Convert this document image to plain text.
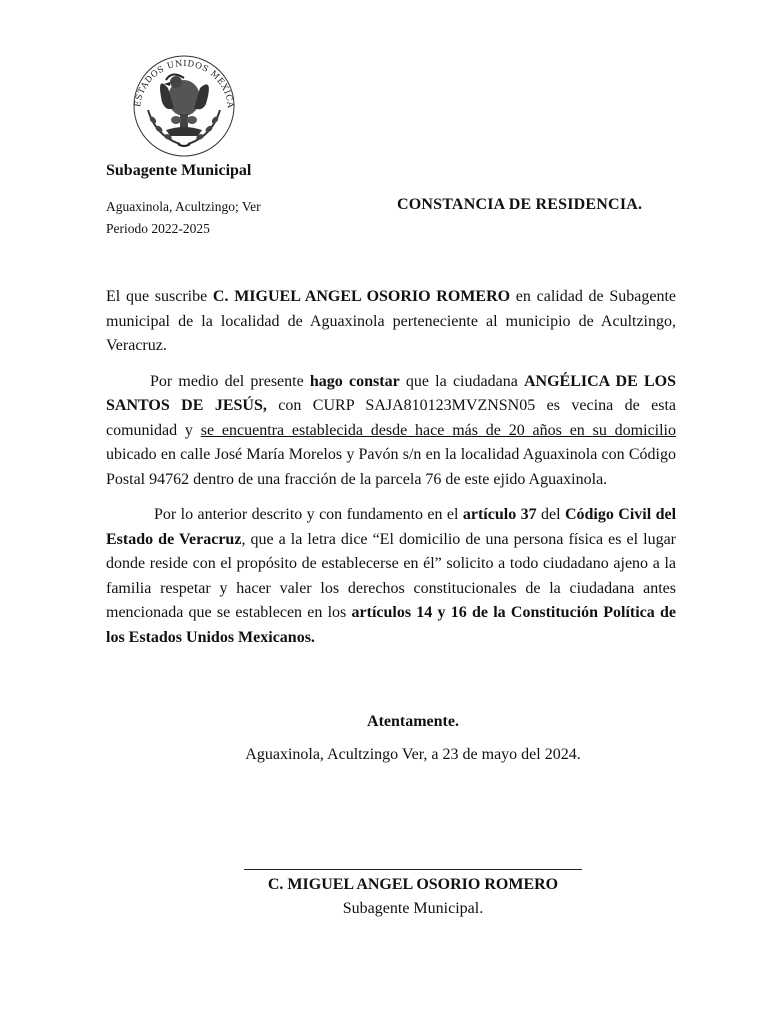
ESTADOS UNIDOS MEXICA
Subagente Municipal
Aguaxinola, Acultzingo; Ver
Periodo 2022-2025
CONSTANCIA DE RESIDENCIA.

El que suscribe C. MIGUEL ANGEL OSORIO ROMERO en calidad de Subagente municipal de la localidad de Aguaxinola perteneciente al municipio de Acultzingo, Veracruz.

Por medio del presente hago constar que la ciudadana ANGÉLICA DE LOS SANTOS DE JESÚS, con CURP SAJA810123MVZNSN05 es vecina de esta comunidad y se encuentra establecida desde hace más de 20 años en su domicilio ubicado en calle José María Morelos y Pavón s/n en la localidad Aguaxinola con Código Postal 94762 dentro de una fracción de la parcela 76 de este ejido Aguaxinola.

Por lo anterior descrito y con fundamento en el artículo 37 del Código Civil del Estado de Veracruz, que a la letra dice “El domicilio de una persona física es el lugar donde reside con el propósito de establecerse en él” solicito a todo ciudadano ajeno a la familia respetar y hacer valer los derechos constitucionales de la ciudadana antes mencionada que se establecen en los artículos 14 y 16 de la Constitución Política de los Estados Unidos Mexicanos.

Atentamente.
Aguaxinola, Acultzingo Ver, a 23 de mayo del 2024.
C. MIGUEL ANGEL OSORIO ROMERO
Subagente Municipal.
